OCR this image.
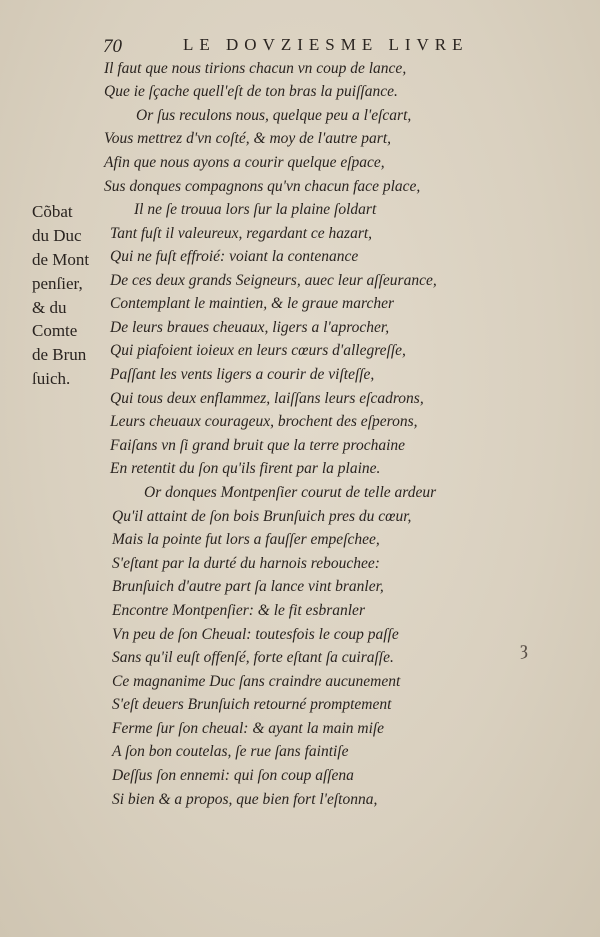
70	LE DOVZIESME LIVRE
Il faut que nous tirions chacun vn coup de lance,
Que ie ſçache quell'eſt de ton bras la puiſſance.
Or ſus reculons nous, quelque peu a l'eſcart,
Vous mettrez d'vn coſté, & moy de l'autre part,
Afin que nous ayons a courir quelque eſpace,
Sus donques compagnons qu'vn chacun face place,
Il ne ſe trouua lors ſur la plaine ſoldart
Tant fuſt il valeureux, regardant ce hazart,
Qui ne fuſt effroié: voiant la contenance
De ces deux grands Seigneurs, auec leur aſſeurance,
Contemplant le maintien, & le graue marcher
De leurs braues cheuaux, ligers a l'aprocher,
Qui piafoient ioieux en leurs cœurs d'allegreſſe,
Paſſant les vents ligers a courir de viſteſſe,
Qui tous deux enflammez, laiſſans leurs eſcadrons,
Leurs cheuaux courageux, brochent des eſperons,
Faiſans vn ſi grand bruit que la terre prochaine
En retentit du ſon qu'ils firent par la plaine.
Or donques Montpenſier courut de telle ardeur
Qu'il attaint de ſon bois Brunſuich pres du cœur,
Mais la pointe fut lors a fauſſer empeſchee,
S'eſtant par la durté du harnois rebouchee:
Brunſuich d'autre part ſa lance vint branler,
Encontre Montpenſier: & le fit esbranler
Vn peu de ſon Cheual: toutesfois le coup paſſe
Sans qu'il euſt offenſé, forte eſtant ſa cuiraſſe.
Ce magnanime Duc ſans craindre aucunement
S'eſt deuers Brunſuich retourné promptement
Ferme ſur ſon cheual: & ayant la main miſe
A ſon bon coutelas, ſe rue ſans faintiſe
Deſſus ſon ennemi: qui ſon coup aſſena
Si bien & a propos, que bien fort l'eſtonna,
Cõbat
du Duc
de Mont
penſier,
& du
Comte
de Brun
ſuich.
ȝ
